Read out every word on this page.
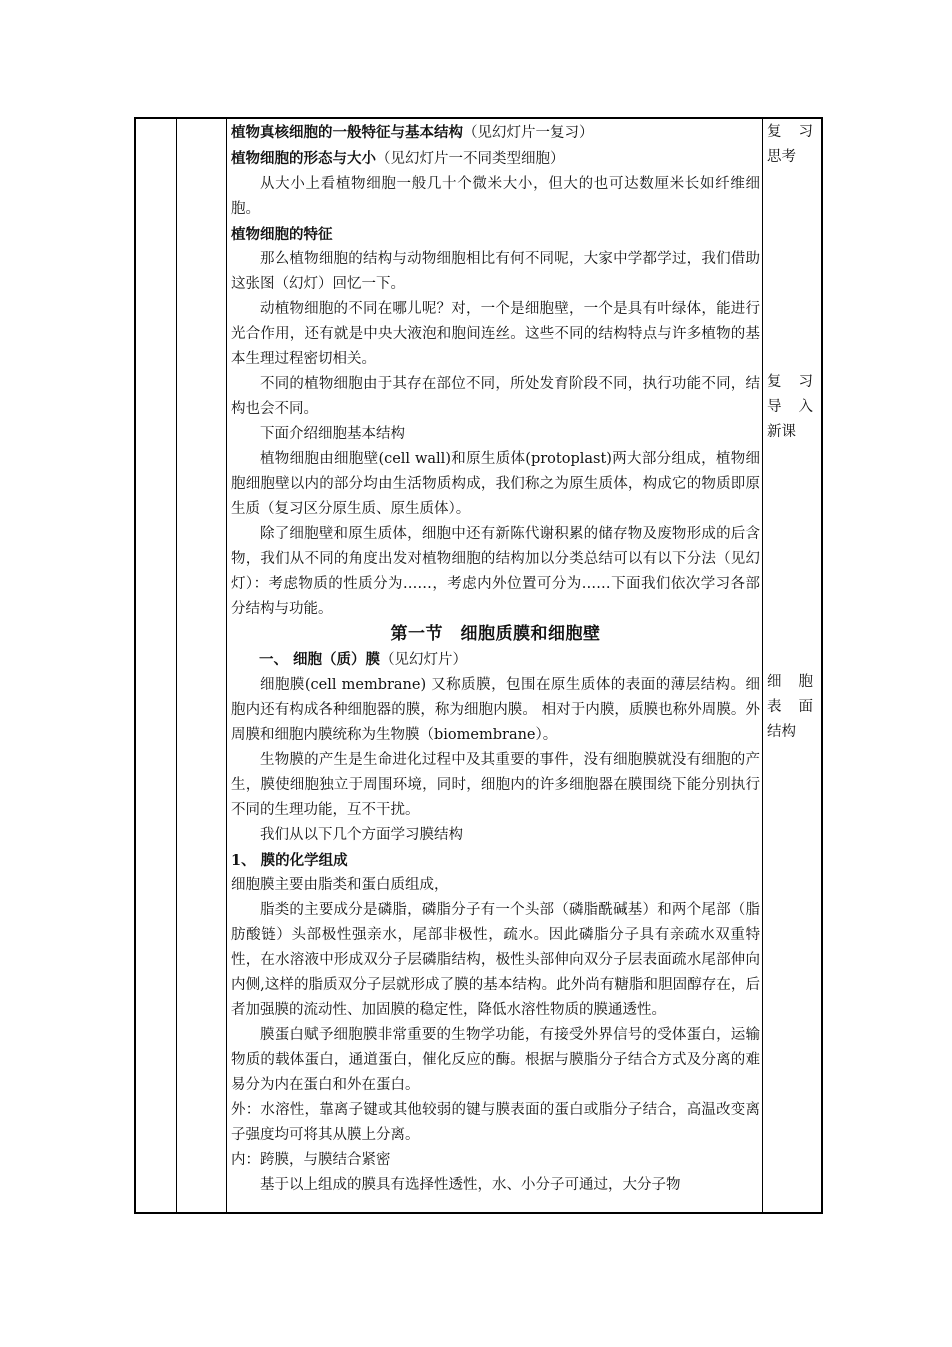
植物真核细胞的一般特征与基本结构（见幻灯片一复习）

植物细胞的形态与大小（见幻灯片一不同类型细胞）

从大小上看植物细胞一般几十个微米大小，但大的也可达数厘米长如纤维细胞。

植物细胞的特征

那么植物细胞的结构与动物细胞相比有何不同呢，大家中学都学过，我们借助这张图（幻灯）回忆一下。

动植物细胞的不同在哪儿呢？对，一个是细胞壁，一个是具有叶绿体，能进行光合作用，还有就是中央大液泡和胞间连丝。这些不同的结构特点与许多植物的基本生理过程密切相关。

不同的植物细胞由于其存在部位不同，所处发育阶段不同，执行功能不同，结构也会不同。

下面介绍细胞基本结构

植物细胞由细胞壁(cell wall)和原生质体(protoplast)两大部分组成，植物细胞细胞壁以内的部分均由生活物质构成，我们称之为原生质体，构成它的物质即原生质（复习区分原生质、原生质体）。

除了细胞壁和原生质体，细胞中还有新陈代谢积累的储存物及废物形成的后含物，我们从不同的角度出发对植物细胞的结构加以分类总结可以有以下分法（见幻灯）：考虑物质的性质分为……，考虑内外位置可分为……下面我们依次学习各部分结构与功能。

第一节　细胞质膜和细胞壁

一、 细胞（质）膜（见幻灯片）

细胞膜(cell membrane) 又称质膜，包围在原生质体的表面的薄层结构。细胞内还有构成各种细胞器的膜，称为细胞内膜。 相对于内膜，质膜也称外周膜。外周膜和细胞内膜统称为生物膜（biomembrane）。

生物膜的产生是生命进化过程中及其重要的事件，没有细胞膜就没有细胞的产生，膜使细胞独立于周围环境，同时，细胞内的许多细胞器在膜围绕下能分别执行不同的生理功能，互不干扰。

我们从以下几个方面学习膜结构

1、 膜的化学组成

细胞膜主要由脂类和蛋白质组成，

脂类的主要成分是磷脂，磷脂分子有一个头部（磷脂酰碱基）和两个尾部（脂肪酸链）头部极性强亲水，尾部非极性，疏水。因此磷脂分子具有亲疏水双重特性，在水溶液中形成双分子层磷脂结构，极性头部伸向双分子层表面疏水尾部伸向内侧,这样的脂质双分子层就形成了膜的基本结构。此外尚有糖脂和胆固醇存在，后者加强膜的流动性、加固膜的稳定性，降低水溶性物质的膜通透性。

膜蛋白赋予细胞膜非常重要的生物学功能，有接受外界信号的受体蛋白，运输物质的载体蛋白，通道蛋白，催化反应的酶。根据与膜脂分子结合方式及分离的难易分为内在蛋白和外在蛋白。

外：水溶性，靠离子键或其他较弱的键与膜表面的蛋白或脂分子结合，高温改变离子强度均可将其从膜上分离。

内：跨膜，与膜结合紧密

基于以上组成的膜具有选择性透性，水、小分子可通过，大分子物

复　习
思考
复　习
导　入
新课
细　胞
表　面
结构
